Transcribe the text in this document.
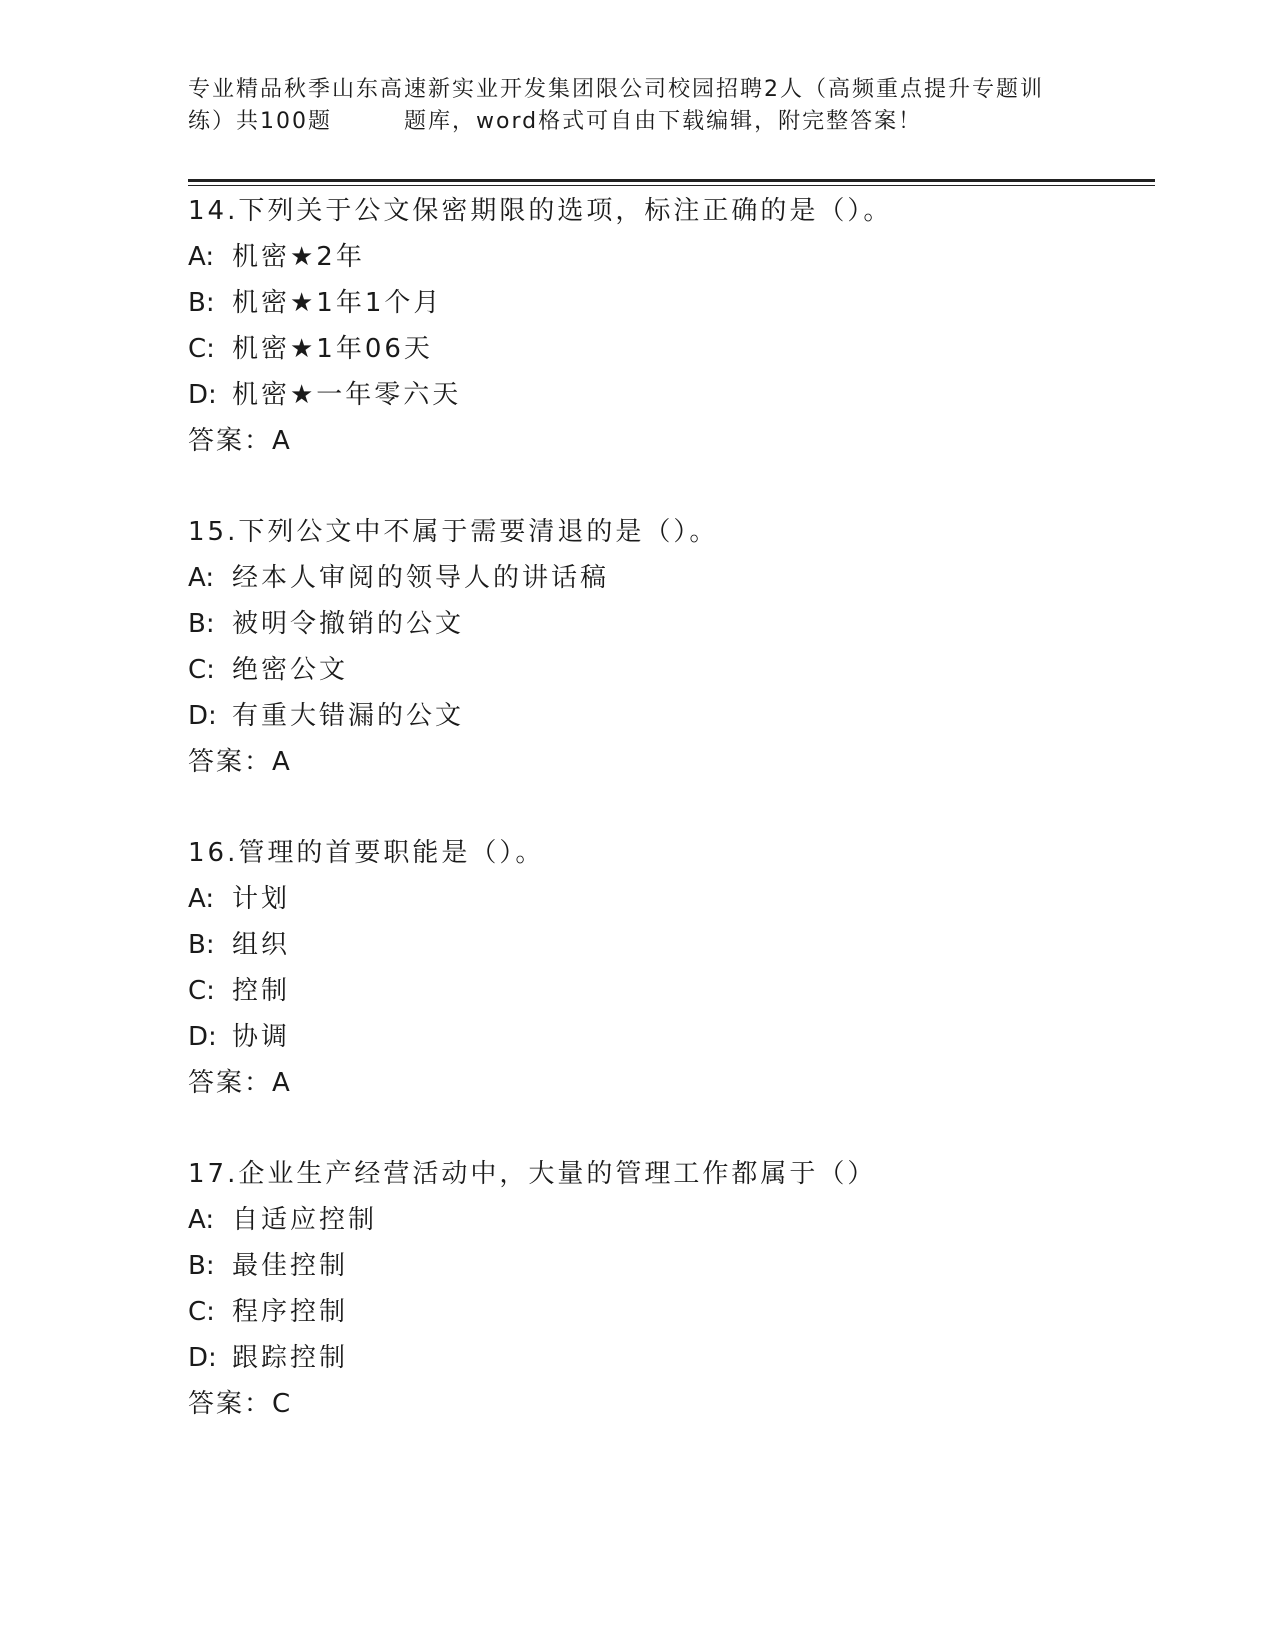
专业精品秋季山东高速新实业开发集团限公司校园招聘2人（高频重点提升专题训
练）共100题	题库，word格式可自由下载编辑，附完整答案！
14.下列关于公文保密期限的选项，标注正确的是（）。
A: 机密★2年
B: 机密★1年1个月
C: 机密★1年06天
D: 机密★一年零六天
答案：A
15.下列公文中不属于需要清退的是（）。
A: 经本人审阅的领导人的讲话稿
B: 被明令撤销的公文
C: 绝密公文
D: 有重大错漏的公文
答案：A
16.管理的首要职能是（）。
A: 计划
B: 组织
C: 控制
D: 协调
答案：A
17.企业生产经营活动中，大量的管理工作都属于（）
A: 自适应控制
B: 最佳控制
C: 程序控制
D: 跟踪控制
答案：C
